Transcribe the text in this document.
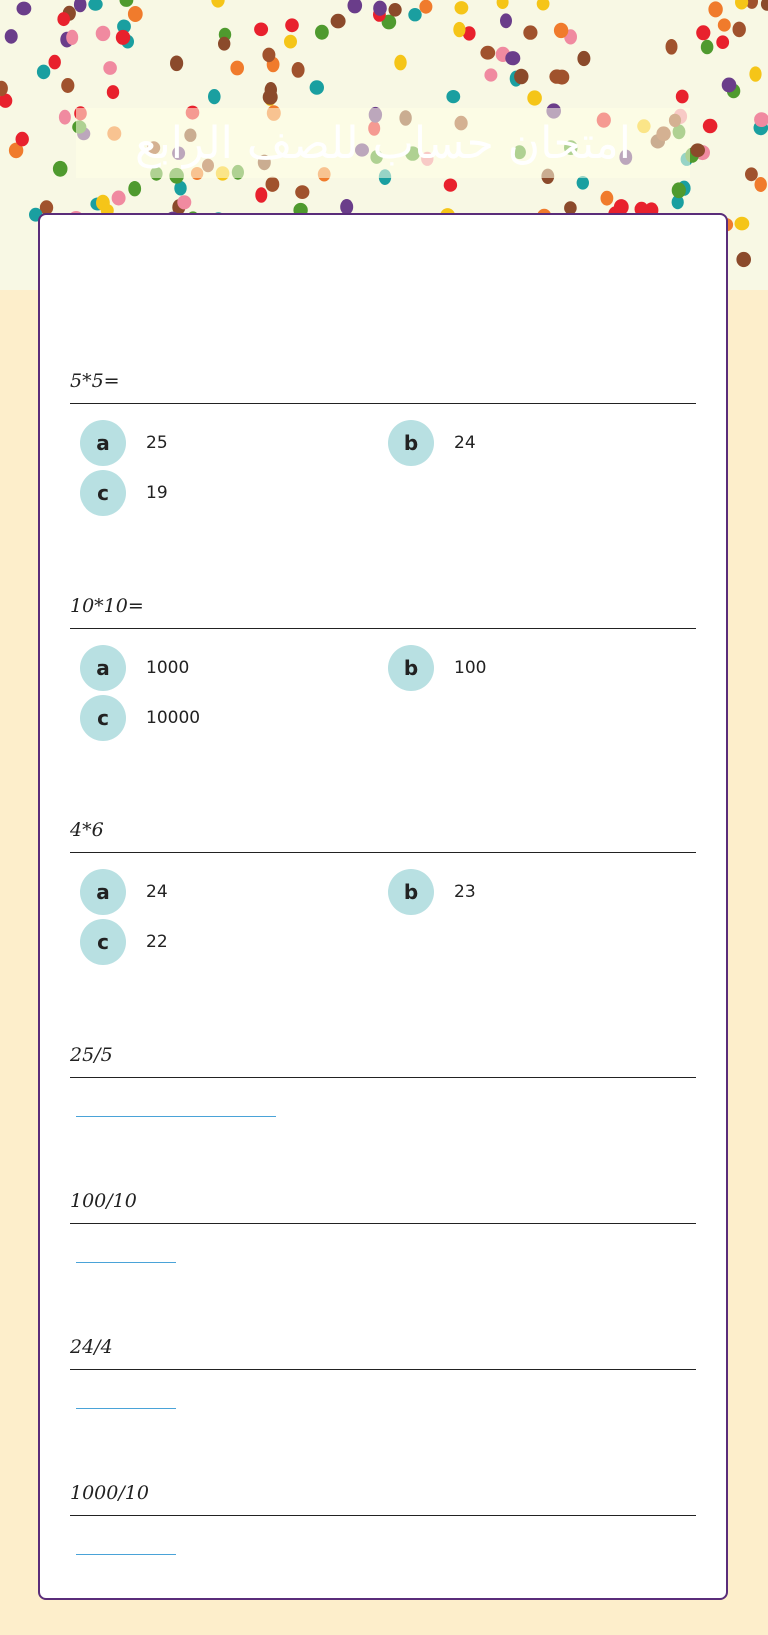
امتحان حساب للصف الرابع
5*5=
a	25	b	24
c	19
10*10=
a	1000	b	100
c	10000
4*6
a	24	b	23
c	22
25/5
100/10
24/4
1000/10
